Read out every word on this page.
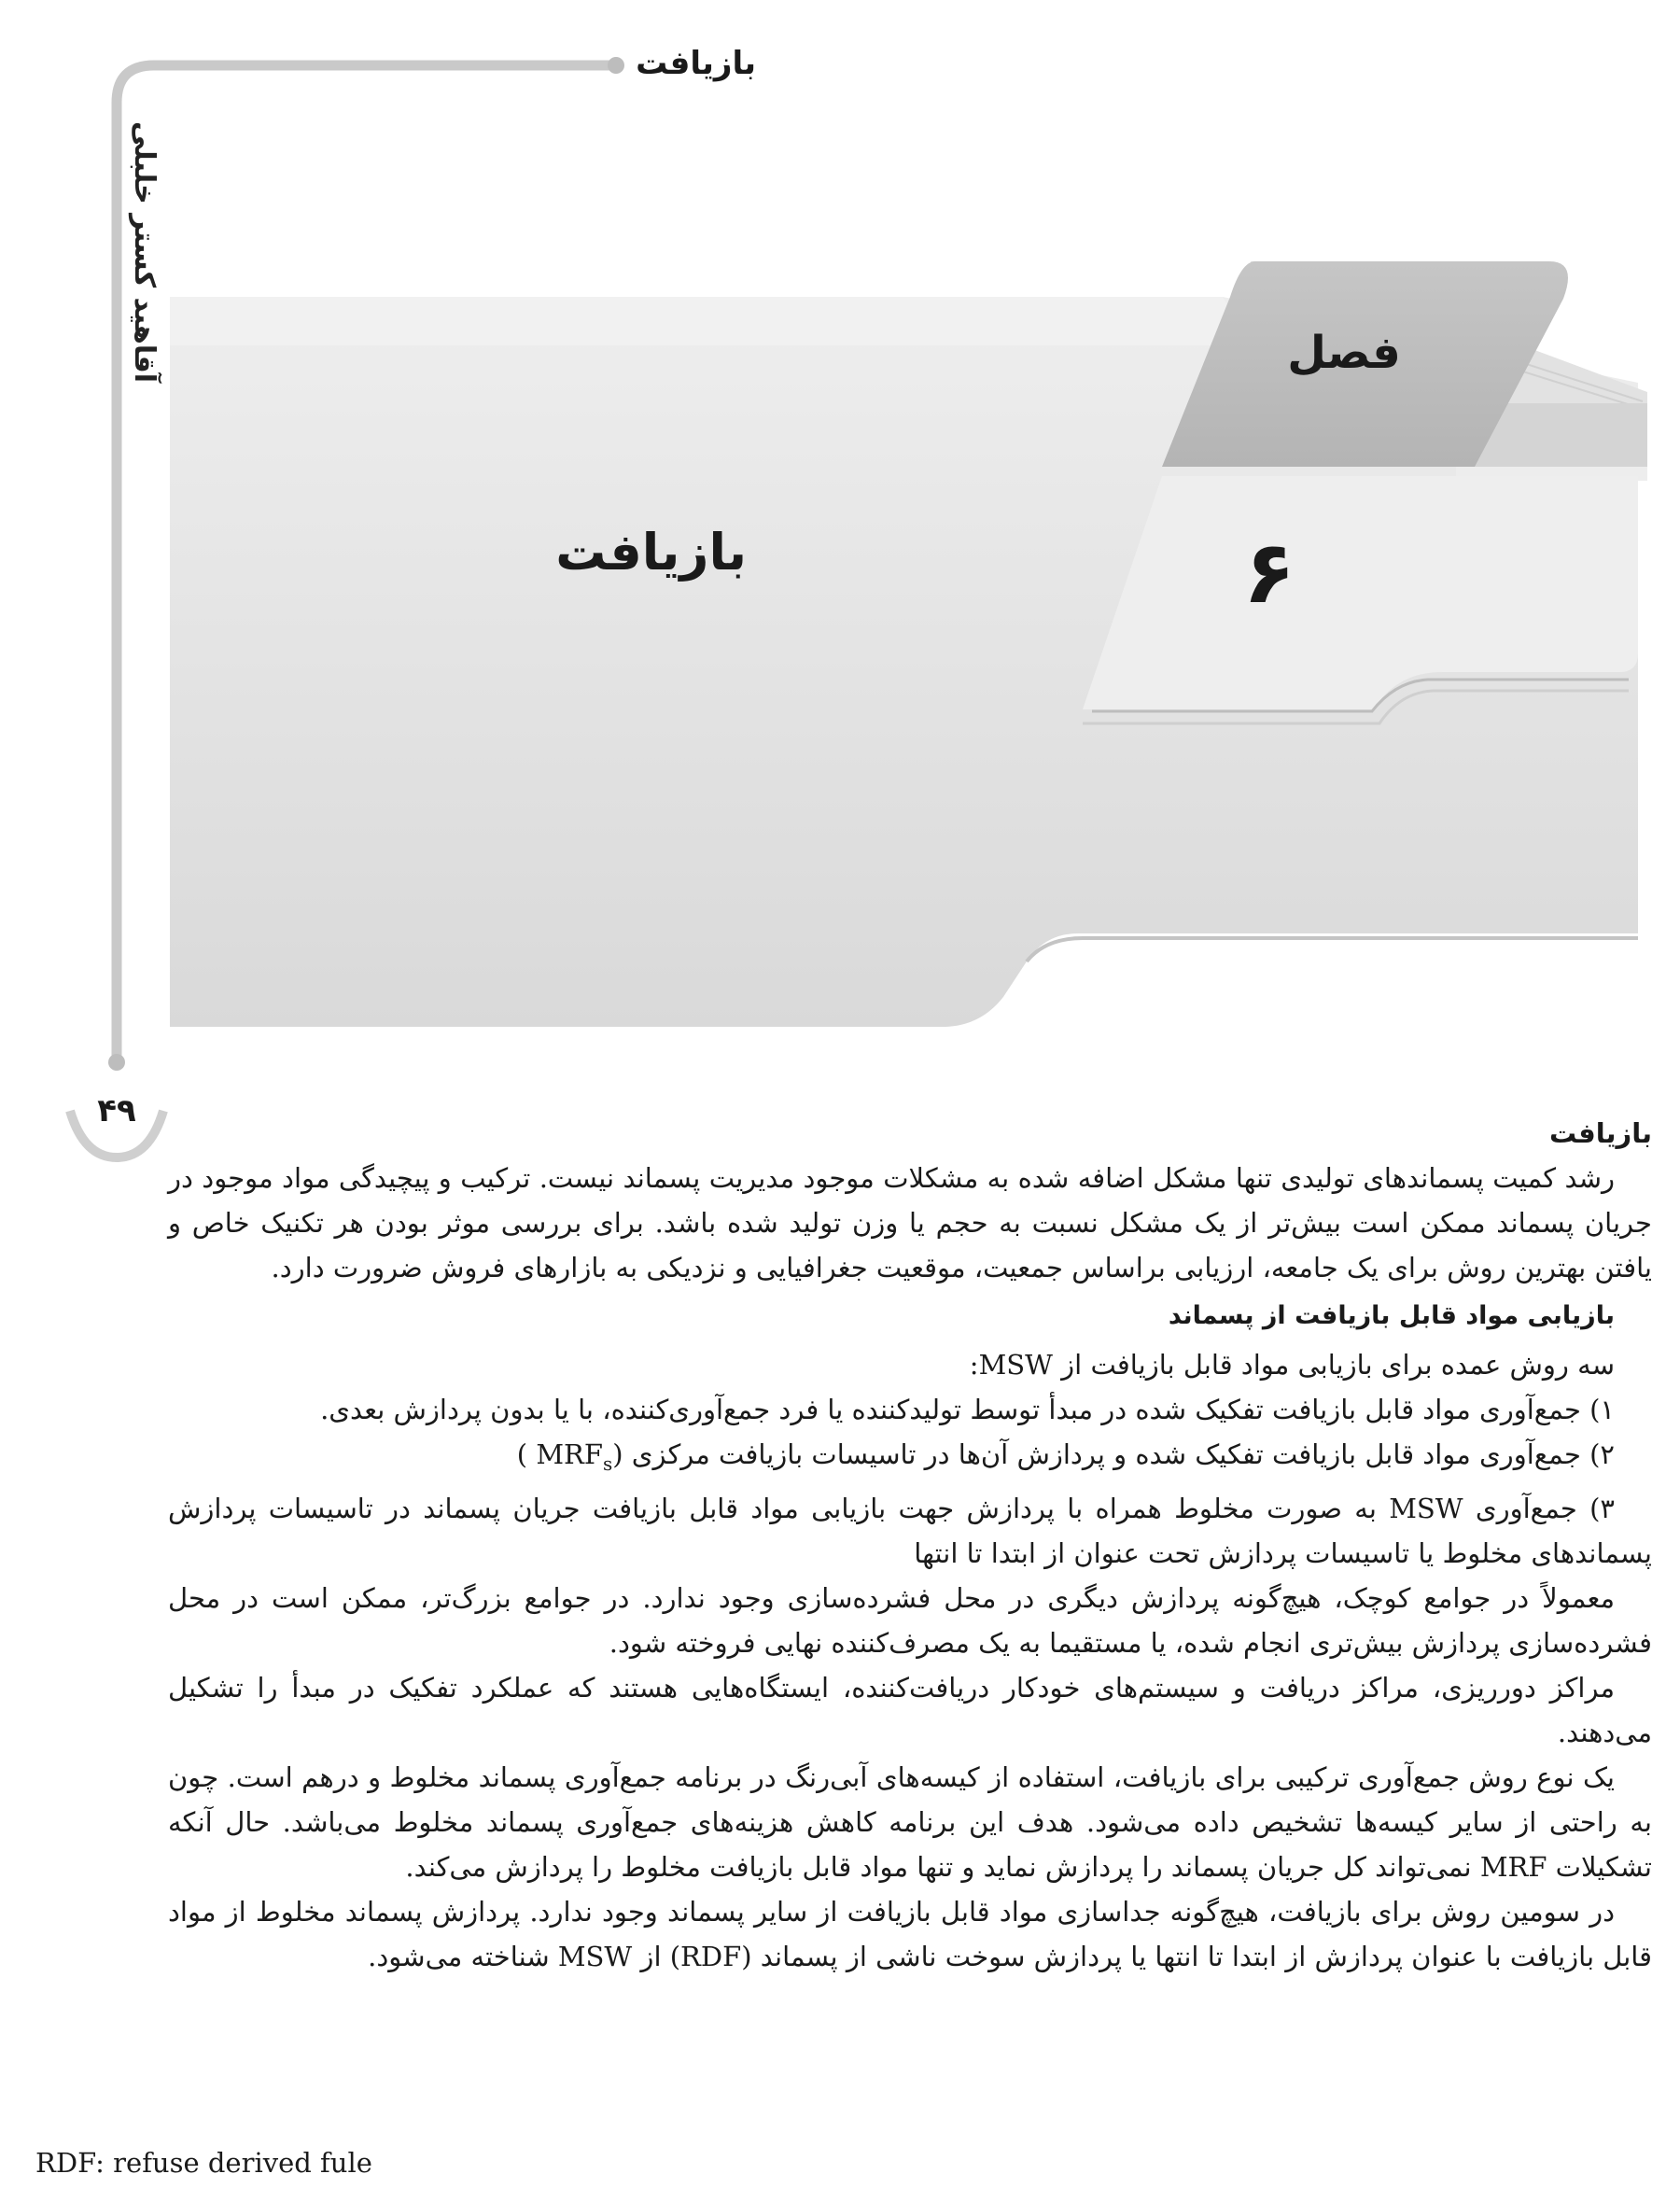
بازیافت
آقاهید کستر خلبلی
۴۹
فصل
۶
بازیافت
بازیافت

رشد کمیت پسماندهای تولیدی تنها مشکل اضافه شده به مشکلات موجود مدیریت پسماند نیست. ترکیب و پیچیدگی مواد موجود در جریان پسماند ممکن است بیش‌تر از یک مشکل نسبت به حجم یا وزن تولید شده باشد. برای بررسی موثر بودن هر تکنیک خاص و یافتن بهترین روش برای یک جامعه، ارزیابی براساس جمعیت، موقعیت جغرافیایی و نزدیکی به بازارهای فروش ضرورت دارد.

بازیابی مواد قابل بازیافت از پسماند

سه روش عمده برای بازیابی مواد قابل بازیافت از MSW:

۱) جمع‌آوری مواد قابل بازیافت تفکیک شده در مبدأ توسط تولیدکننده یا فرد جمع‌آوری‌کننده، با یا بدون پردازش بعدی.

۲) جمع‌آوری مواد قابل بازیافت تفکیک شده و پردازش آن‌ها در تاسیسات بازیافت مرکزی ($MRF_s$ )

۳) جمع‌آوری MSW به صورت مخلوط همراه با پردازش جهت بازیابی مواد قابل بازیافت جریان پسماند در تاسیسات پردازش پسماندهای مخلوط یا تاسیسات پردازش تحت عنوان از ابتدا تا انتها

معمولاً در جوامع کوچک، هیچ‌گونه پردازش دیگری در محل فشرده‌سازی وجود ندارد. در جوامع بزرگ‌تر، ممکن است در محل فشرده‌سازی پردازش بیش‌تری انجام شده، یا مستقیما به یک مصرف‌کننده نهایی فروخته شود.

مراکز دورریزی، مراکز دریافت و سیستم‌های خودکار دریافت‌کننده، ایستگاه‌هایی هستند که عملکرد تفکیک در مبدأ را تشکیل می‌دهند.

یک نوع روش جمع‌آوری ترکیبی برای بازیافت، استفاده از کیسه‌های آبی‌رنگ در برنامه جمع‌آوری پسماند مخلوط و درهم است. چون به راحتی از سایر کیسه‌ها تشخیص داده می‌شود. هدف این برنامه کاهش هزینه‌های جمع‌آوری پسماند مخلوط می‌باشد. حال آنکه تشکیلات MRF نمی‌تواند کل جریان پسماند را پردازش نماید و تنها مواد قابل بازیافت مخلوط را پردازش می‌کند.

در سومین روش برای بازیافت، هیچ‌گونه جداسازی مواد قابل بازیافت از سایر پسماند وجود ندارد. پردازش پسماند مخلوط از مواد قابل بازیافت با عنوان پردازش از ابتدا تا انتها یا پردازش سوخت ناشی از پسماند (RDF) از MSW شناخته می‌شود.

RDF: refuse derived fule
